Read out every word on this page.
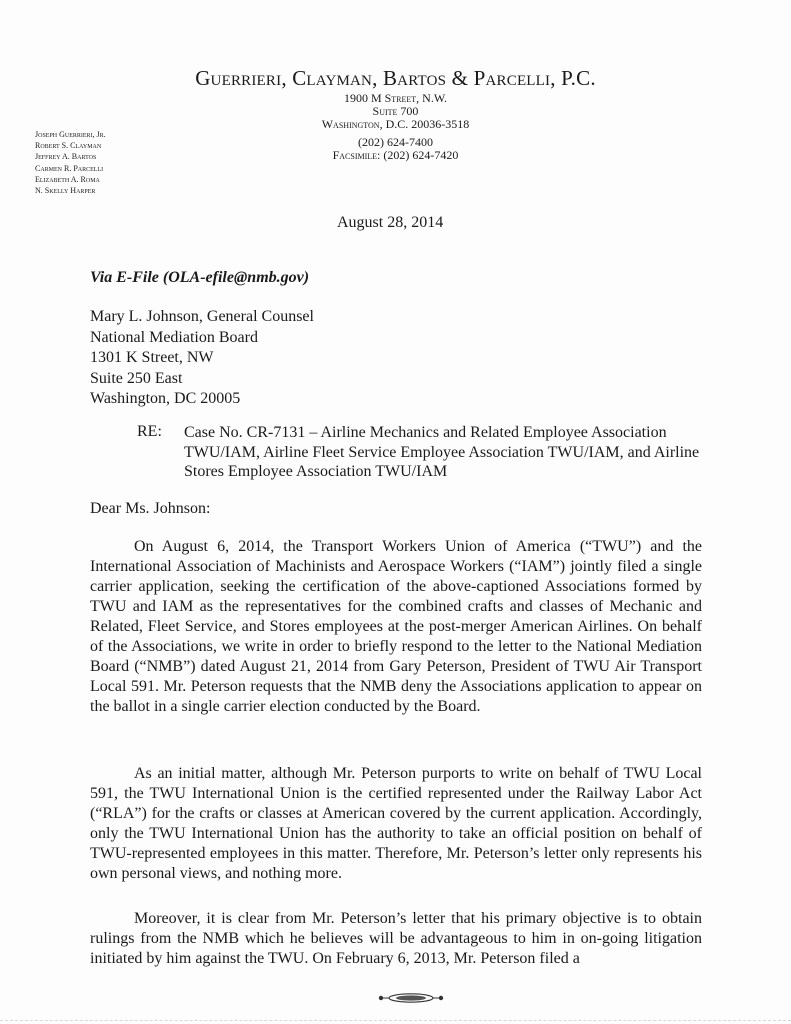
Guerrieri, Clayman, Bartos & Parcelli, P.C.
1900 M Street, N.W.
Suite 700
Washington, D.C. 20036-3518
(202) 624-7400
Facsimile: (202) 624-7420
Joseph Guerrieri, Jr.
Robert S. Clayman
Jeffrey A. Bartos
Carmen R. Parcelli
Elizabeth A. Roma
N. Skelly Harper
August 28, 2014
Via E-File (OLA-efile@nmb.gov)
Mary L. Johnson, General Counsel
National Mediation Board
1301 K Street, NW
Suite 250 East
Washington, DC 20005
RE: Case No. CR-7131 – Airline Mechanics and Related Employee Association TWU/IAM, Airline Fleet Service Employee Association TWU/IAM, and Airline Stores Employee Association TWU/IAM
Dear Ms. Johnson:

On August 6, 2014, the Transport Workers Union of America (“TWU”) and the International Association of Machinists and Aerospace Workers (“IAM”) jointly filed a single carrier application, seeking the certification of the above-captioned Associations formed by TWU and IAM as the representatives for the combined crafts and classes of Mechanic and Related, Fleet Service, and Stores employees at the post-merger American Airlines. On behalf of the Associations, we write in order to briefly respond to the letter to the National Mediation Board (“NMB”) dated August 21, 2014 from Gary Peterson, President of TWU Air Transport Local 591. Mr. Peterson requests that the NMB deny the Associations application to appear on the ballot in a single carrier election conducted by the Board.

As an initial matter, although Mr. Peterson purports to write on behalf of TWU Local 591, the TWU International Union is the certified represented under the Railway Labor Act (“RLA”) for the crafts or classes at American covered by the current application. Accordingly, only the TWU International Union has the authority to take an official position on behalf of TWU-represented employees in this matter. Therefore, Mr. Peterson’s letter only represents his own personal views, and nothing more.

Moreover, it is clear from Mr. Peterson’s letter that his primary objective is to obtain rulings from the NMB which he believes will be advantageous to him in on-going litigation initiated by him against the TWU. On February 6, 2013, Mr. Peterson filed a
